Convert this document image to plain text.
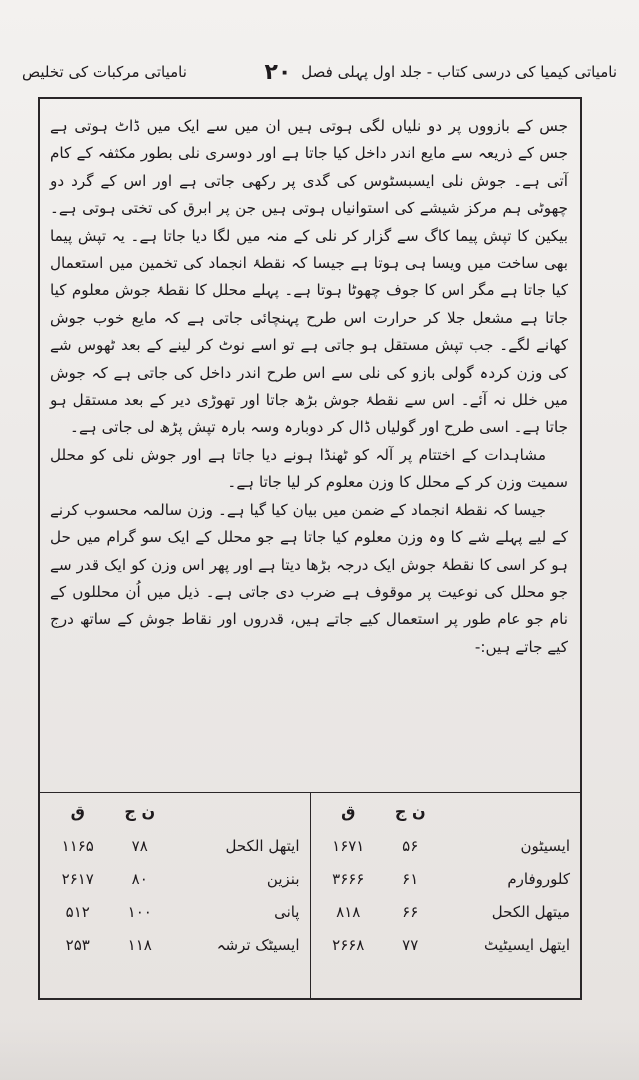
نامیاتی کیمیا کی درسی کتاب - جلد اول پہلی فصل
۲۰
نامیاتی مرکبات کی تخلیص

جس کے بازووں پر دو نلیاں لگی ہوتی ہیں ان میں سے ایک میں ڈاٹ ہوتی ہے جس کے ذریعہ سے مایع اندر داخل کیا جاتا ہے اور دوسری نلی بطور مکثفہ کے کام آتی ہے۔ جوش نلی ایسبسٹوس کی گدی پر رکھی جاتی ہے اور اس کے گرد دو چھوٹی ہم مرکز شیشے کی استوانیاں ہوتی ہیں جن پر ابرق کی تختی ہوتی ہے۔ بیکین کا تپش پیما کاگ سے گزار کر نلی کے منہ میں لگا دیا جاتا ہے۔ یہ تپش پیما بھی ساخت میں ویسا ہی ہوتا ہے جیسا کہ نقطۂ انجماد کی تخمین میں استعمال کیا جاتا ہے مگر اس کا جوف چھوٹا ہوتا ہے۔ پہلے محلل کا نقطۂ جوش معلوم کیا جاتا ہے مشعل جلا کر حرارت اس طرح پہنچائی جاتی ہے کہ مایع خوب جوش کھانے لگے۔ جب تپش مستقل ہو جاتی ہے تو اسے نوٹ کر لینے کے بعد ٹھوس شے کی وزن کردہ گولی بازو کی نلی سے اس طرح اندر داخل کی جاتی ہے کہ جوش میں خلل نہ آئے۔ اس سے نقطۂ جوش بڑھ جاتا اور تھوڑی دیر کے بعد مستقل ہو جاتا ہے۔ اسی طرح اور گولیاں ڈال کر دوبارہ وسہ بارہ تپش پڑھ لی جاتی ہے۔

مشاہدات کے اختتام پر آلہ کو ٹھنڈا ہونے دیا جاتا ہے اور جوش نلی کو محلل سمیت وزن کر کے محلل کا وزن معلوم کر لیا جاتا ہے۔

جیسا کہ نقطۂ انجماد کے ضمن میں بیان کیا گیا ہے۔ وزن سالمہ محسوب کرنے کے لیے پہلے شے کا وہ وزن معلوم کیا جاتا ہے جو محلل کے ایک سو گرام میں حل ہو کر اسی کا نقطۂ جوش ایک درجہ بڑھا دیتا ہے اور پھر اس وزن کو ایک قدر سے جو محلل کی نوعیت پر موقوف ہے ضرب دی جاتی ہے۔ ذیل میں اُن محللوں کے نام جو عام طور پر استعمال کیے جاتے ہیں، قدروں اور نقاط جوش کے ساتھ درج کیے جاتے ہیں:-

ن ج
ق
ایسیٹون
۵۶
۱۶۷۱
کلوروفارم
۶۱
۳۶۶۶
میتھل الکحل
۶۶
۸۱۸
ایتھل ایسیٹیٹ
۷۷
۲۶۶۸
ن ج
ق
ایتھل الکحل
۷۸
۱۱۶۵
بنزین
۸۰
۲۶۱۷
پانی
۱۰۰
۵۱۲
ایسیٹک ترشہ
۱۱۸
۲۵۳
